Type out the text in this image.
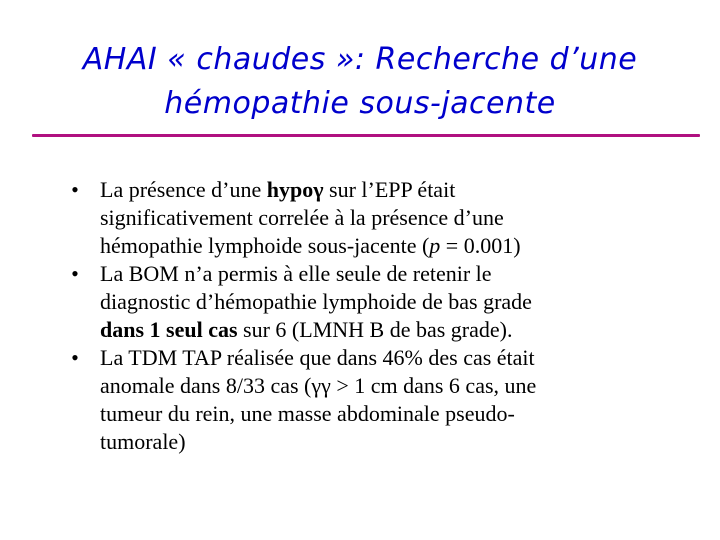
AHAI « chaudes »: Recherche d’une
hémopathie sous-jacente
• La présence d’une hypoγ sur l’EPP était
significativement correlée à la présence d’une
hémopathie lymphoide sous-jacente (p = 0.001)
• La BOM n’a permis à elle seule de retenir le
diagnostic d’hémopathie lymphoide de bas grade
dans 1 seul cas sur 6 (LMNH B de bas grade).
• La TDM TAP réalisée que dans 46% des cas était
anomale dans 8/33 cas (γγ > 1 cm dans 6 cas, une
tumeur du rein, une masse abdominale pseudo-
tumorale)
